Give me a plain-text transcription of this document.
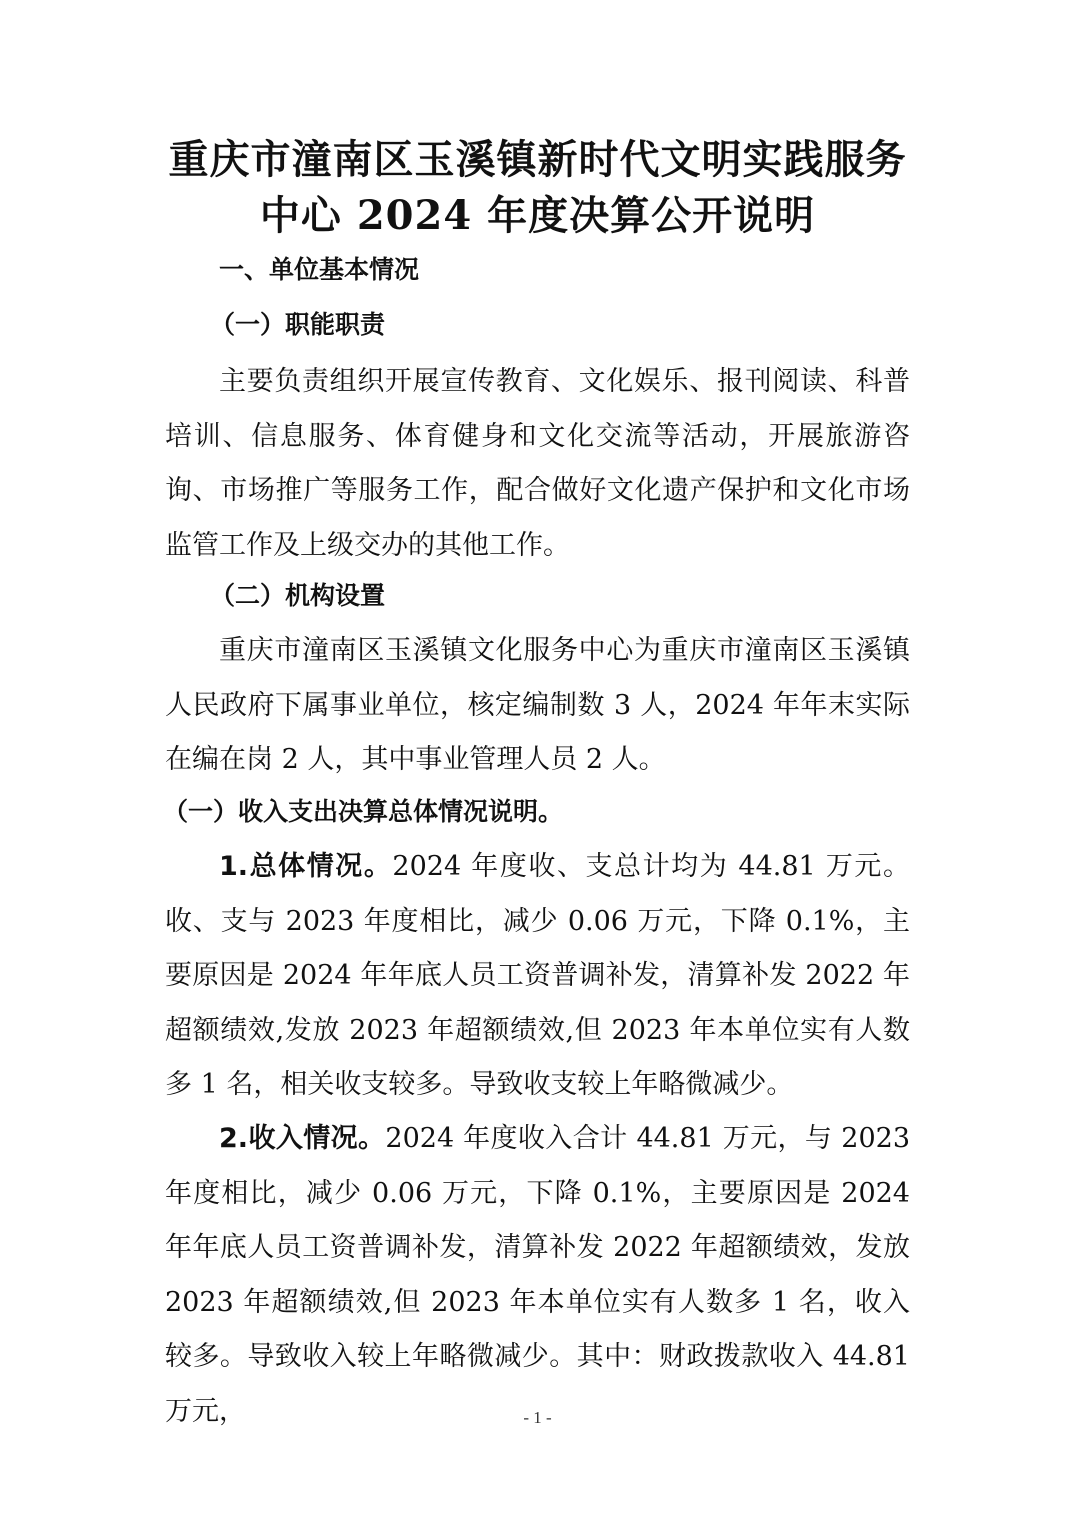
重庆市潼南区玉溪镇新时代文明实践服务
中心 2024 年度决算公开说明
一、单位基本情况
（一）职能职责

主要负责组织开展宣传教育、文化娱乐、报刊阅读、科普培训、信息服务、体育健身和文化交流等活动，开展旅游咨询、市场推广等服务工作，配合做好文化遗产保护和文化市场监管工作及上级交办的其他工作。

（二）机构设置

重庆市潼南区玉溪镇文化服务中心为重庆市潼南区玉溪镇人民政府下属事业单位，核定编制数 3 人，2024 年年末实际在编在岗 2 人，其中事业管理人员 2 人。

（一）收入支出决算总体情况说明。

1.总体情况。2024 年度收、支总计均为 44.81 万元。收、支与 2023 年度相比，减少 0.06 万元，下降 0.1%，主要原因是 2024 年年底人员工资普调补发，清算补发 2022 年超额绩效,发放 2023 年超额绩效,但 2023 年本单位实有人数多 1 名，相关收支较多。导致收支较上年略微减少。

2.收入情况。2024 年度收入合计 44.81 万元，与 2023 年度相比，减少 0.06 万元，下降 0.1%，主要原因是 2024 年年底人员工资普调补发，清算补发 2022 年超额绩效，发放 2023 年超额绩效,但 2023 年本单位实有人数多 1 名，收入较多。导致收入较上年略微减少。其中：财政拨款收入 44.81 万元，	- 1 -
